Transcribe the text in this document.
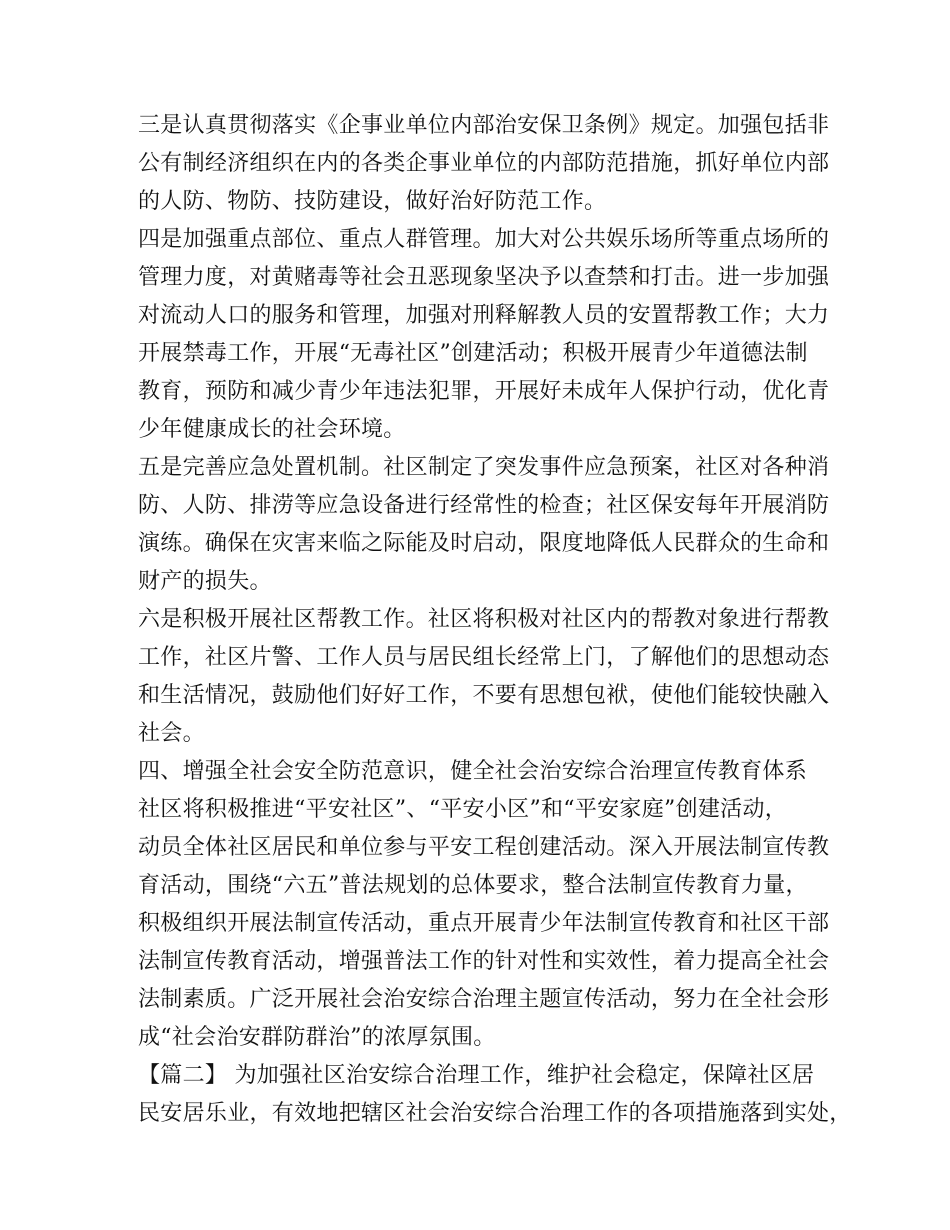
三是认真贯彻落实《企事业单位内部治安保卫条例》规定。加强包括非
公有制经济组织在内的各类企事业单位的内部防范措施，抓好单位内部
的人防、物防、技防建设，做好治好防范工作。
四是加强重点部位、重点人群管理。加大对公共娱乐场所等重点场所的
管理力度，对黄赌毒等社会丑恶现象坚决予以查禁和打击。进一步加强
对流动人口的服务和管理，加强对刑释解教人员的安置帮教工作；大力
开展禁毒工作，开展“无毒社区”创建活动；积极开展青少年道德法制
教育，预防和减少青少年违法犯罪，开展好未成年人保护行动，优化青
少年健康成长的社会环境。
五是完善应急处置机制。社区制定了突发事件应急预案，社区对各种消
防、人防、排涝等应急设备进行经常性的检查；社区保安每年开展消防
演练。确保在灾害来临之际能及时启动，限度地降低人民群众的生命和
财产的损失。
六是积极开展社区帮教工作。社区将积极对社区内的帮教对象进行帮教
工作，社区片警、工作人员与居民组长经常上门，了解他们的思想动态
和生活情况，鼓励他们好好工作，不要有思想包袱，使他们能较快融入
社会。
四、增强全社会安全防范意识，健全社会治安综合治理宣传教育体系
社区将积极推进“平安社区”、“平安小区”和“平安家庭”创建活动，
动员全体社区居民和单位参与平安工程创建活动。深入开展法制宣传教
育活动，围绕“六五”普法规划的总体要求，整合法制宣传教育力量，
积极组织开展法制宣传活动，重点开展青少年法制宣传教育和社区干部
法制宣传教育活动，增强普法工作的针对性和实效性，着力提高全社会
法制素质。广泛开展社会治安综合治理主题宣传活动，努力在全社会形
成“社会治安群防群治”的浓厚氛围。
【篇二】 为加强社区治安综合治理工作，维护社会稳定，保障社区居
民安居乐业，有效地把辖区社会治安综合治理工作的各项措施落到实处，
